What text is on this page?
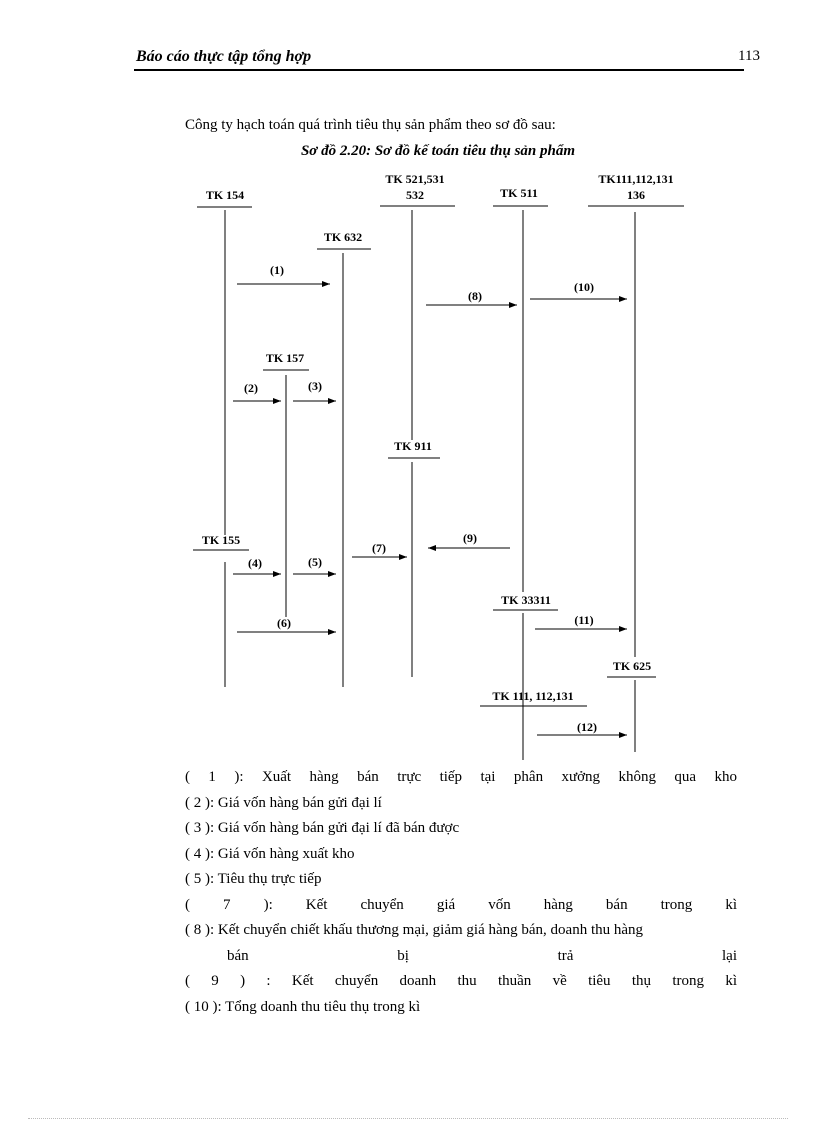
Báo cáo thực tập tổng hợp	113
Công ty hạch toán quá trình tiêu thụ sản phẩm theo sơ đồ sau:
Sơ đồ 2.20: Sơ đồ kế toán tiêu thụ sản phẩm
TK 154
TK 521,531
532	TK 511
TK111,112,131
136
TK 632
TK 157
TK 911
TK 155
TK 33311
TK 625
TK 111, 112,131
(1)
(8)
(10)
(2)	(3)
(7)
(9)
(4)	(5)
(6)	(11)
(12)
( 1 ): Xuất hàng bán trực tiếp tại phân xưởng không qua kho
( 2 ): Giá vốn hàng bán gửi đại lí
( 3 ): Giá vốn hàng bán gửi đại lí đã bán được
( 4 ): Giá vốn hàng xuất kho
( 5 ): Tiêu thụ trực tiếp
( 7 ): Kết chuyển giá vốn hàng bán trong kì
( 8 ): Kết chuyển chiết khấu thương mại, giảm giá hàng bán, doanh thu hàng
bán bị trả lại
( 9 ) : Kết chuyển doanh thu thuần về tiêu thụ trong kì
( 10 ): Tổng doanh thu tiêu thụ trong kì
